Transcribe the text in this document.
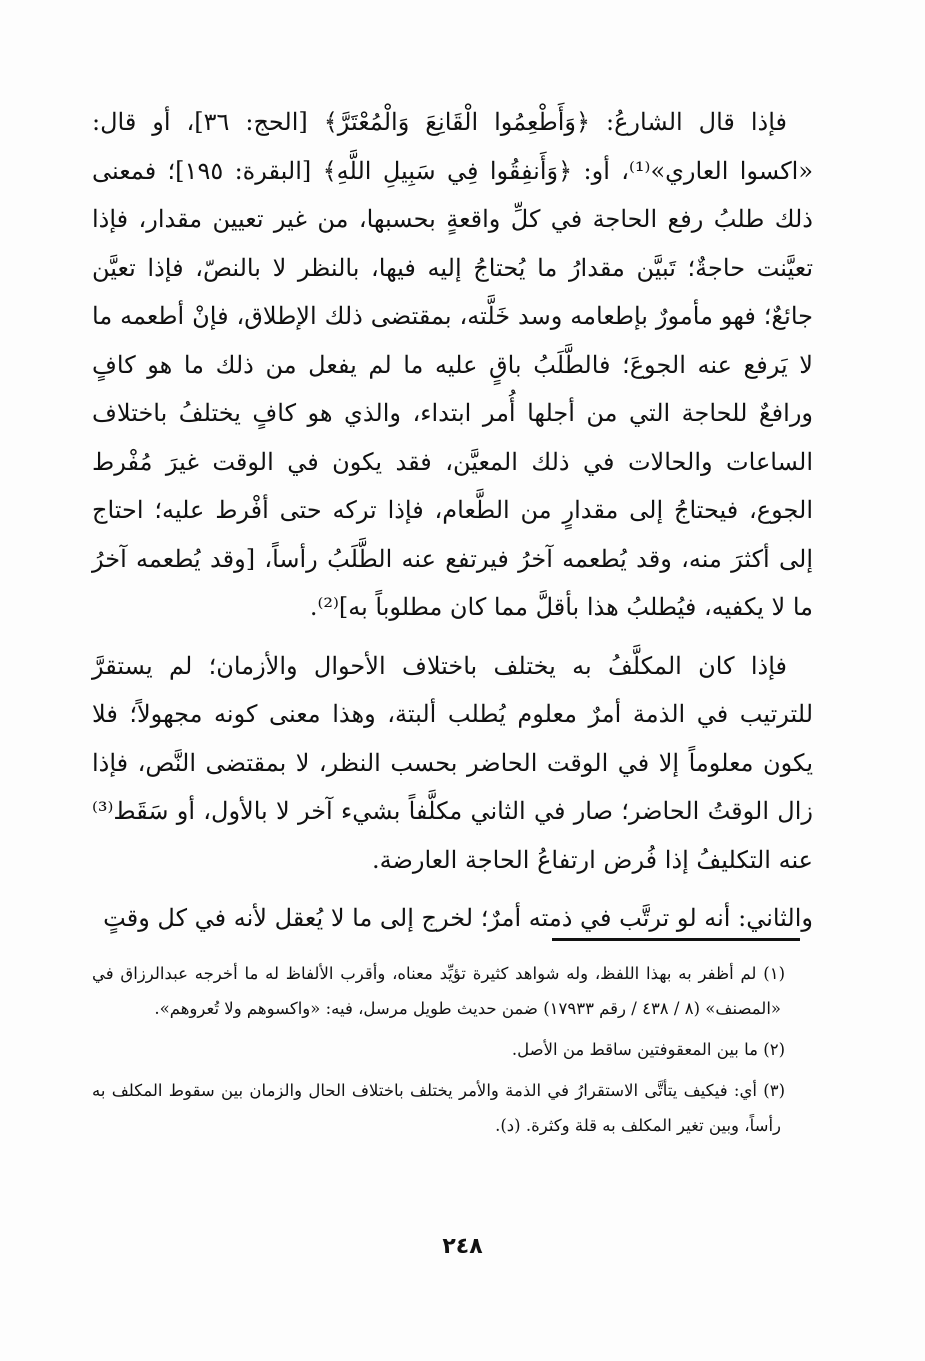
فإذا قال الشارعُ: ﴿وَأَطْعِمُوا الْقَانِعَ وَالْمُعْتَرَّ﴾ [الحج: ٣٦]، أو قال: «اكسوا العاري»⁽¹⁾، أو: ﴿وَأَنفِقُوا فِي سَبِيلِ اللَّهِ﴾ [البقرة: ١٩٥]؛ فمعنى ذلك طلبُ رفع الحاجة في كلِّ واقعةٍ بحسبها، من غير تعيين مقدار، فإذا تعيَّنت حاجةٌ؛ تَبيَّن مقدارُ ما يُحتاجُ إليه فيها، بالنظر لا بالنصّ، فإذا تعيَّن جائعٌ؛ فهو مأمورٌ بإطعامه وسد خَلَّته، بمقتضى ذلك الإطلاق، فإنْ أطعمه ما لا يَرفع عنه الجوعَ؛ فالطَّلَبُ باقٍ عليه ما لم يفعل من ذلك ما هو كافٍ ورافعٌ للحاجة التي من أجلها أُمر ابتداء، والذي هو كافٍ يختلفُ باختلاف الساعات والحالات في ذلك المعيَّن، فقد يكون في الوقت غيرَ مُفْرط الجوع، فيحتاجُ إلى مقدارٍ من الطَّعام، فإذا تركه حتى أفْرط عليه؛ احتاج إلى أكثرَ منه، وقد يُطعمه آخرُ فيرتفع عنه الطَّلَبُ رأساً، [وقد يُطعمه آخرُ ما لا يكفيه، فيُطلبُ هذا بأقلَّ مما كان مطلوباً به]⁽²⁾.

فإذا كان المكلَّفُ به يختلف باختلاف الأحوال والأزمان؛ لم يستقرَّ للترتيب في الذمة أمرٌ معلوم يُطلب ألبتة، وهذا معنى كونه مجهولاً؛ فلا يكون معلوماً إلا في الوقت الحاضر بحسب النظر، لا بمقتضى النَّص، فإذا زال الوقتُ الحاضر؛ صار في الثاني مكلَّفاً بشيء آخر لا بالأول، أو سَقَط⁽³⁾ عنه التكليفُ إذا فُرض ارتفاعُ الحاجة العارضة.

والثاني: أنه لو ترتَّب في ذمته أمرٌ؛ لخرج إلى ما لا يُعقل لأنه في كل وقتٍ

(١) لم أظفر به بهذا اللفظ، وله شواهد كثيرة تؤيِّد معناه، وأقرب الألفاظ له ما أخرجه عبدالرزاق في «المصنف» (٨ / ٤٣٨ / رقم ١٧٩٣٣) ضمن حديث طويل مرسل، فيه: «واكسوهم ولا تُعروهم».

(٢) ما بين المعقوفتين ساقط من الأصل.

(٣) أي: فيكيف يتأتَّى الاستقرارُ في الذمة والأمر يختلف باختلاف الحال والزمان بين سقوط المكلف به رأساً، وبين تغير المكلف به قلة وكثرة. (د).

٢٤٨
